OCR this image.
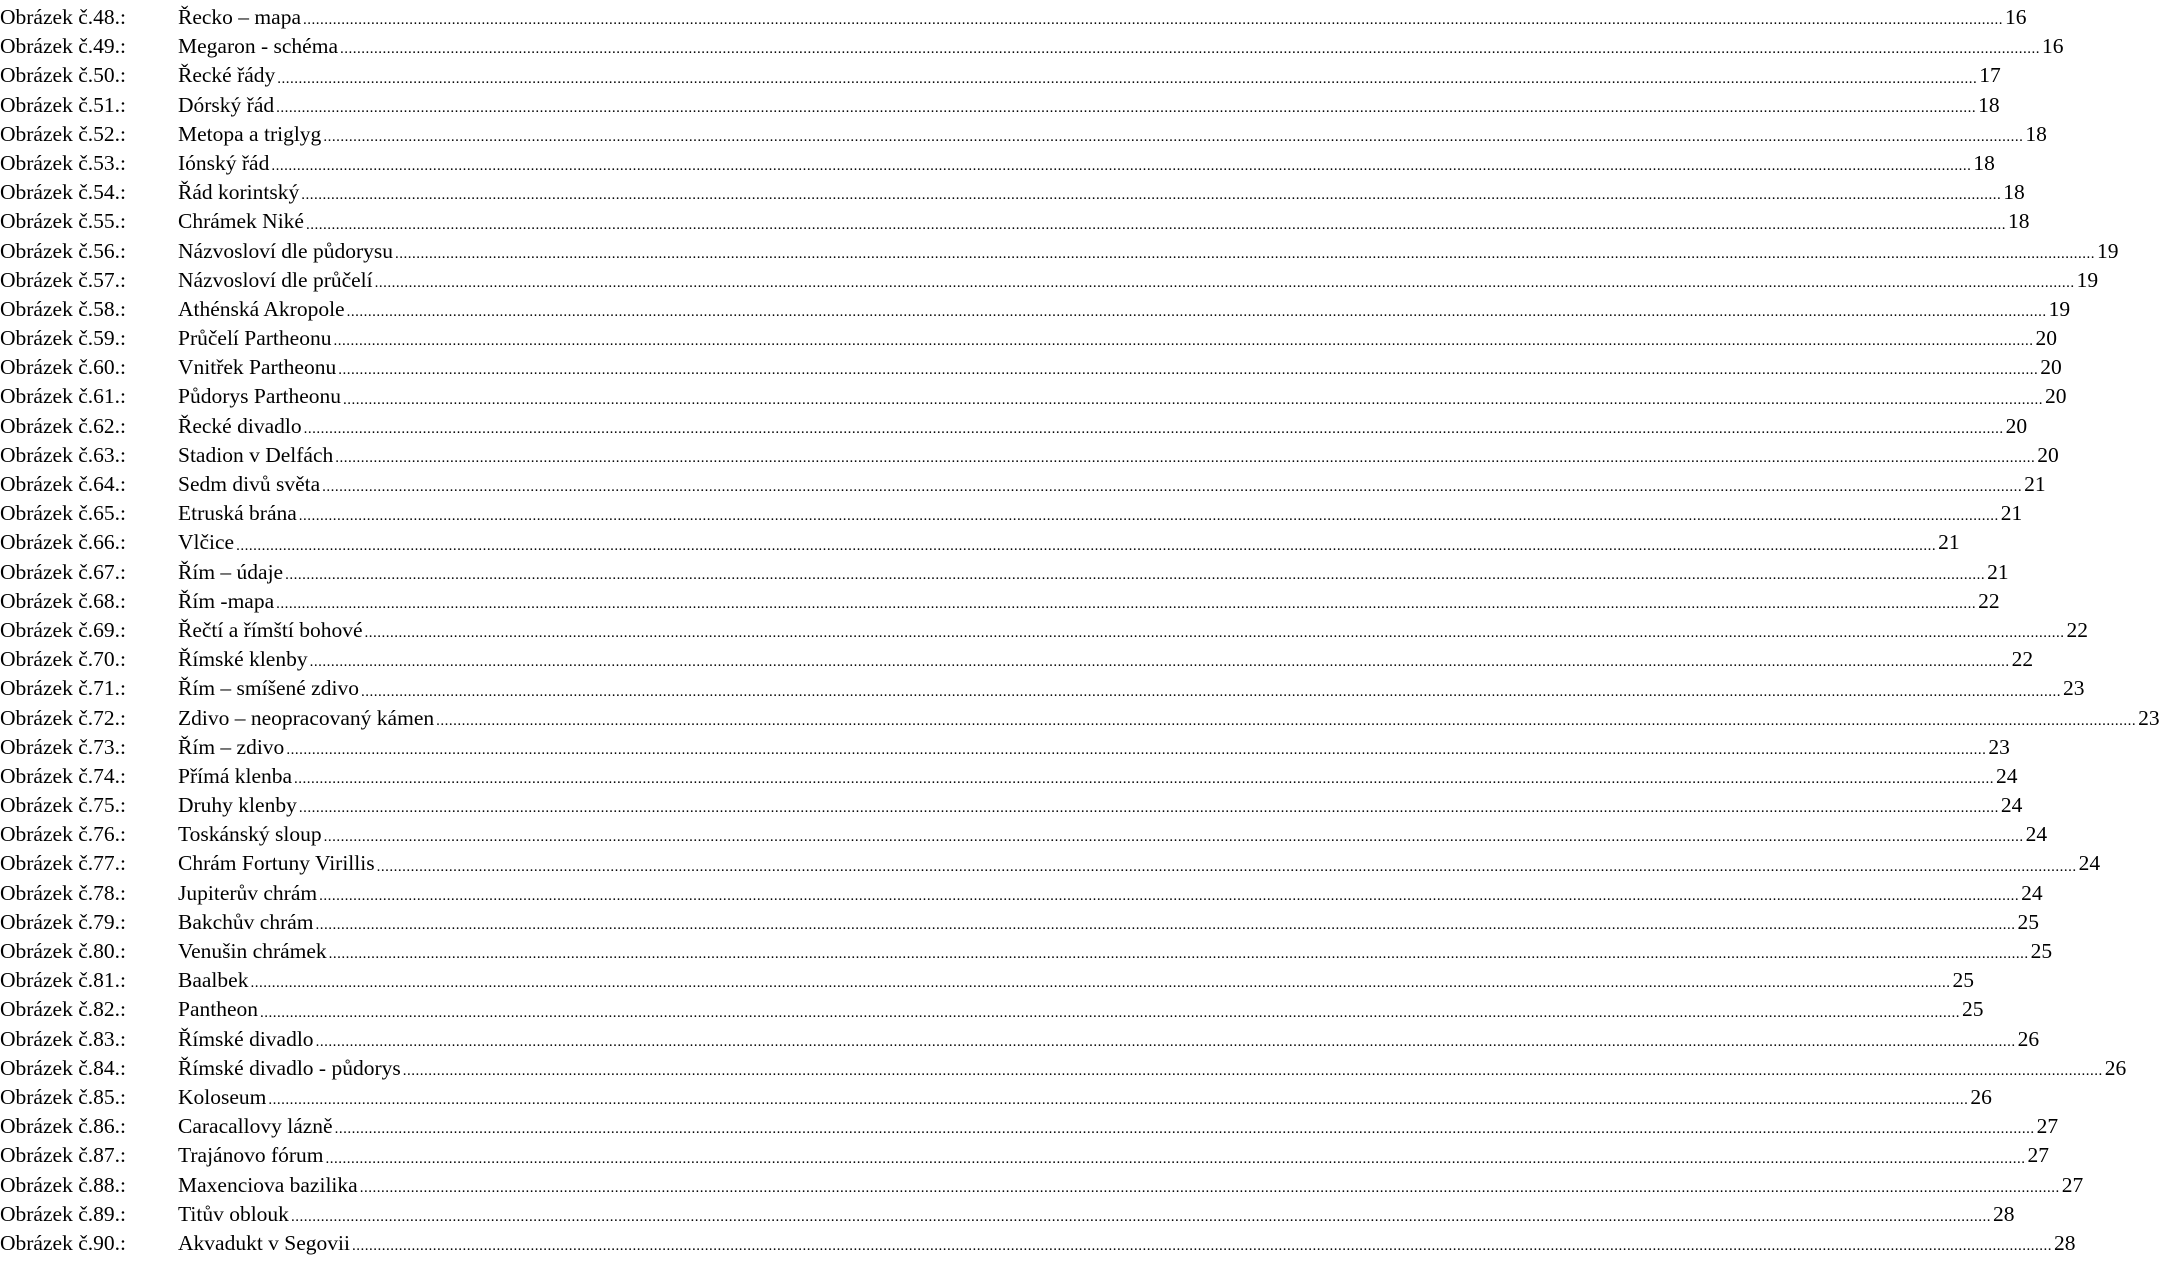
Obrázek č.48.:	Řecko – mapa ................................................................................................................................................................................................................................................................................................................................................................................................................ 16
Obrázek č.49.:	Megaron - schéma ................................................................................................................................................................................................................................................................................................................................................................................................................ 16
Obrázek č.50.:	Řecké řády ................................................................................................................................................................................................................................................................................................................................................................................................................ 17
Obrázek č.51.:	Dórský řád ................................................................................................................................................................................................................................................................................................................................................................................................................ 18
Obrázek č.52.:	Metopa a triglyg ................................................................................................................................................................................................................................................................................................................................................................................................................ 18
Obrázek č.53.:	Iónský řád ................................................................................................................................................................................................................................................................................................................................................................................................................ 18
Obrázek č.54.:	Řád korintský ................................................................................................................................................................................................................................................................................................................................................................................................................ 18
Obrázek č.55.:	Chrámek Niké ................................................................................................................................................................................................................................................................................................................................................................................................................ 18
Obrázek č.56.:	Názvosloví dle půdorysu ................................................................................................................................................................................................................................................................................................................................................................................................................ 19
Obrázek č.57.:	Názvosloví dle průčelí ................................................................................................................................................................................................................................................................................................................................................................................................................ 19
Obrázek č.58.:	Athénská Akropole ................................................................................................................................................................................................................................................................................................................................................................................................................ 19
Obrázek č.59.:	Průčelí Partheonu ................................................................................................................................................................................................................................................................................................................................................................................................................ 20
Obrázek č.60.:	Vnitřek Partheonu ................................................................................................................................................................................................................................................................................................................................................................................................................ 20
Obrázek č.61.:	Půdorys Partheonu ................................................................................................................................................................................................................................................................................................................................................................................................................ 20
Obrázek č.62.:	Řecké divadlo ................................................................................................................................................................................................................................................................................................................................................................................................................ 20
Obrázek č.63.:	Stadion v Delfách ................................................................................................................................................................................................................................................................................................................................................................................................................ 20
Obrázek č.64.:	Sedm divů světa ................................................................................................................................................................................................................................................................................................................................................................................................................ 21
Obrázek č.65.:	Etruská brána ................................................................................................................................................................................................................................................................................................................................................................................................................ 21
Obrázek č.66.:	Vlčice ................................................................................................................................................................................................................................................................................................................................................................................................................ 21
Obrázek č.67.:	Řím – údaje ................................................................................................................................................................................................................................................................................................................................................................................................................ 21
Obrázek č.68.:	Řím -mapa ................................................................................................................................................................................................................................................................................................................................................................................................................ 22
Obrázek č.69.:	Řečtí a římští bohové ................................................................................................................................................................................................................................................................................................................................................................................................................ 22
Obrázek č.70.:	Římské klenby ................................................................................................................................................................................................................................................................................................................................................................................................................ 22
Obrázek č.71.:	Řím – smíšené zdivo ................................................................................................................................................................................................................................................................................................................................................................................................................ 23
Obrázek č.72.:	Zdivo – neopracovaný kámen ................................................................................................................................................................................................................................................................................................................................................................................................................ 23
Obrázek č.73.:	Řím – zdivo ................................................................................................................................................................................................................................................................................................................................................................................................................ 23
Obrázek č.74.:	Přímá klenba ................................................................................................................................................................................................................................................................................................................................................................................................................ 24
Obrázek č.75.:	Druhy klenby ................................................................................................................................................................................................................................................................................................................................................................................................................ 24
Obrázek č.76.:	Toskánský sloup ................................................................................................................................................................................................................................................................................................................................................................................................................ 24
Obrázek č.77.:	Chrám Fortuny Virillis ................................................................................................................................................................................................................................................................................................................................................................................................................ 24
Obrázek č.78.:	Jupiterův chrám ................................................................................................................................................................................................................................................................................................................................................................................................................ 24
Obrázek č.79.:	Bakchův chrám ................................................................................................................................................................................................................................................................................................................................................................................................................ 25
Obrázek č.80.:	Venušin chrámek ................................................................................................................................................................................................................................................................................................................................................................................................................ 25
Obrázek č.81.:	Baalbek ................................................................................................................................................................................................................................................................................................................................................................................................................ 25
Obrázek č.82.:	Pantheon ................................................................................................................................................................................................................................................................................................................................................................................................................ 25
Obrázek č.83.:	Římské divadlo ................................................................................................................................................................................................................................................................................................................................................................................................................ 26
Obrázek č.84.:	Římské divadlo - půdorys ................................................................................................................................................................................................................................................................................................................................................................................................................ 26
Obrázek č.85.:	Koloseum ................................................................................................................................................................................................................................................................................................................................................................................................................ 26
Obrázek č.86.:	Caracallovy lázně ................................................................................................................................................................................................................................................................................................................................................................................................................ 27
Obrázek č.87.:	Trajánovo fórum ................................................................................................................................................................................................................................................................................................................................................................................................................ 27
Obrázek č.88.:	Maxenciova bazilika ................................................................................................................................................................................................................................................................................................................................................................................................................ 27
Obrázek č.89.:	Titův oblouk ................................................................................................................................................................................................................................................................................................................................................................................................................ 28
Obrázek č.90.:	Akvadukt v Segovii ................................................................................................................................................................................................................................................................................................................................................................................................................ 28
